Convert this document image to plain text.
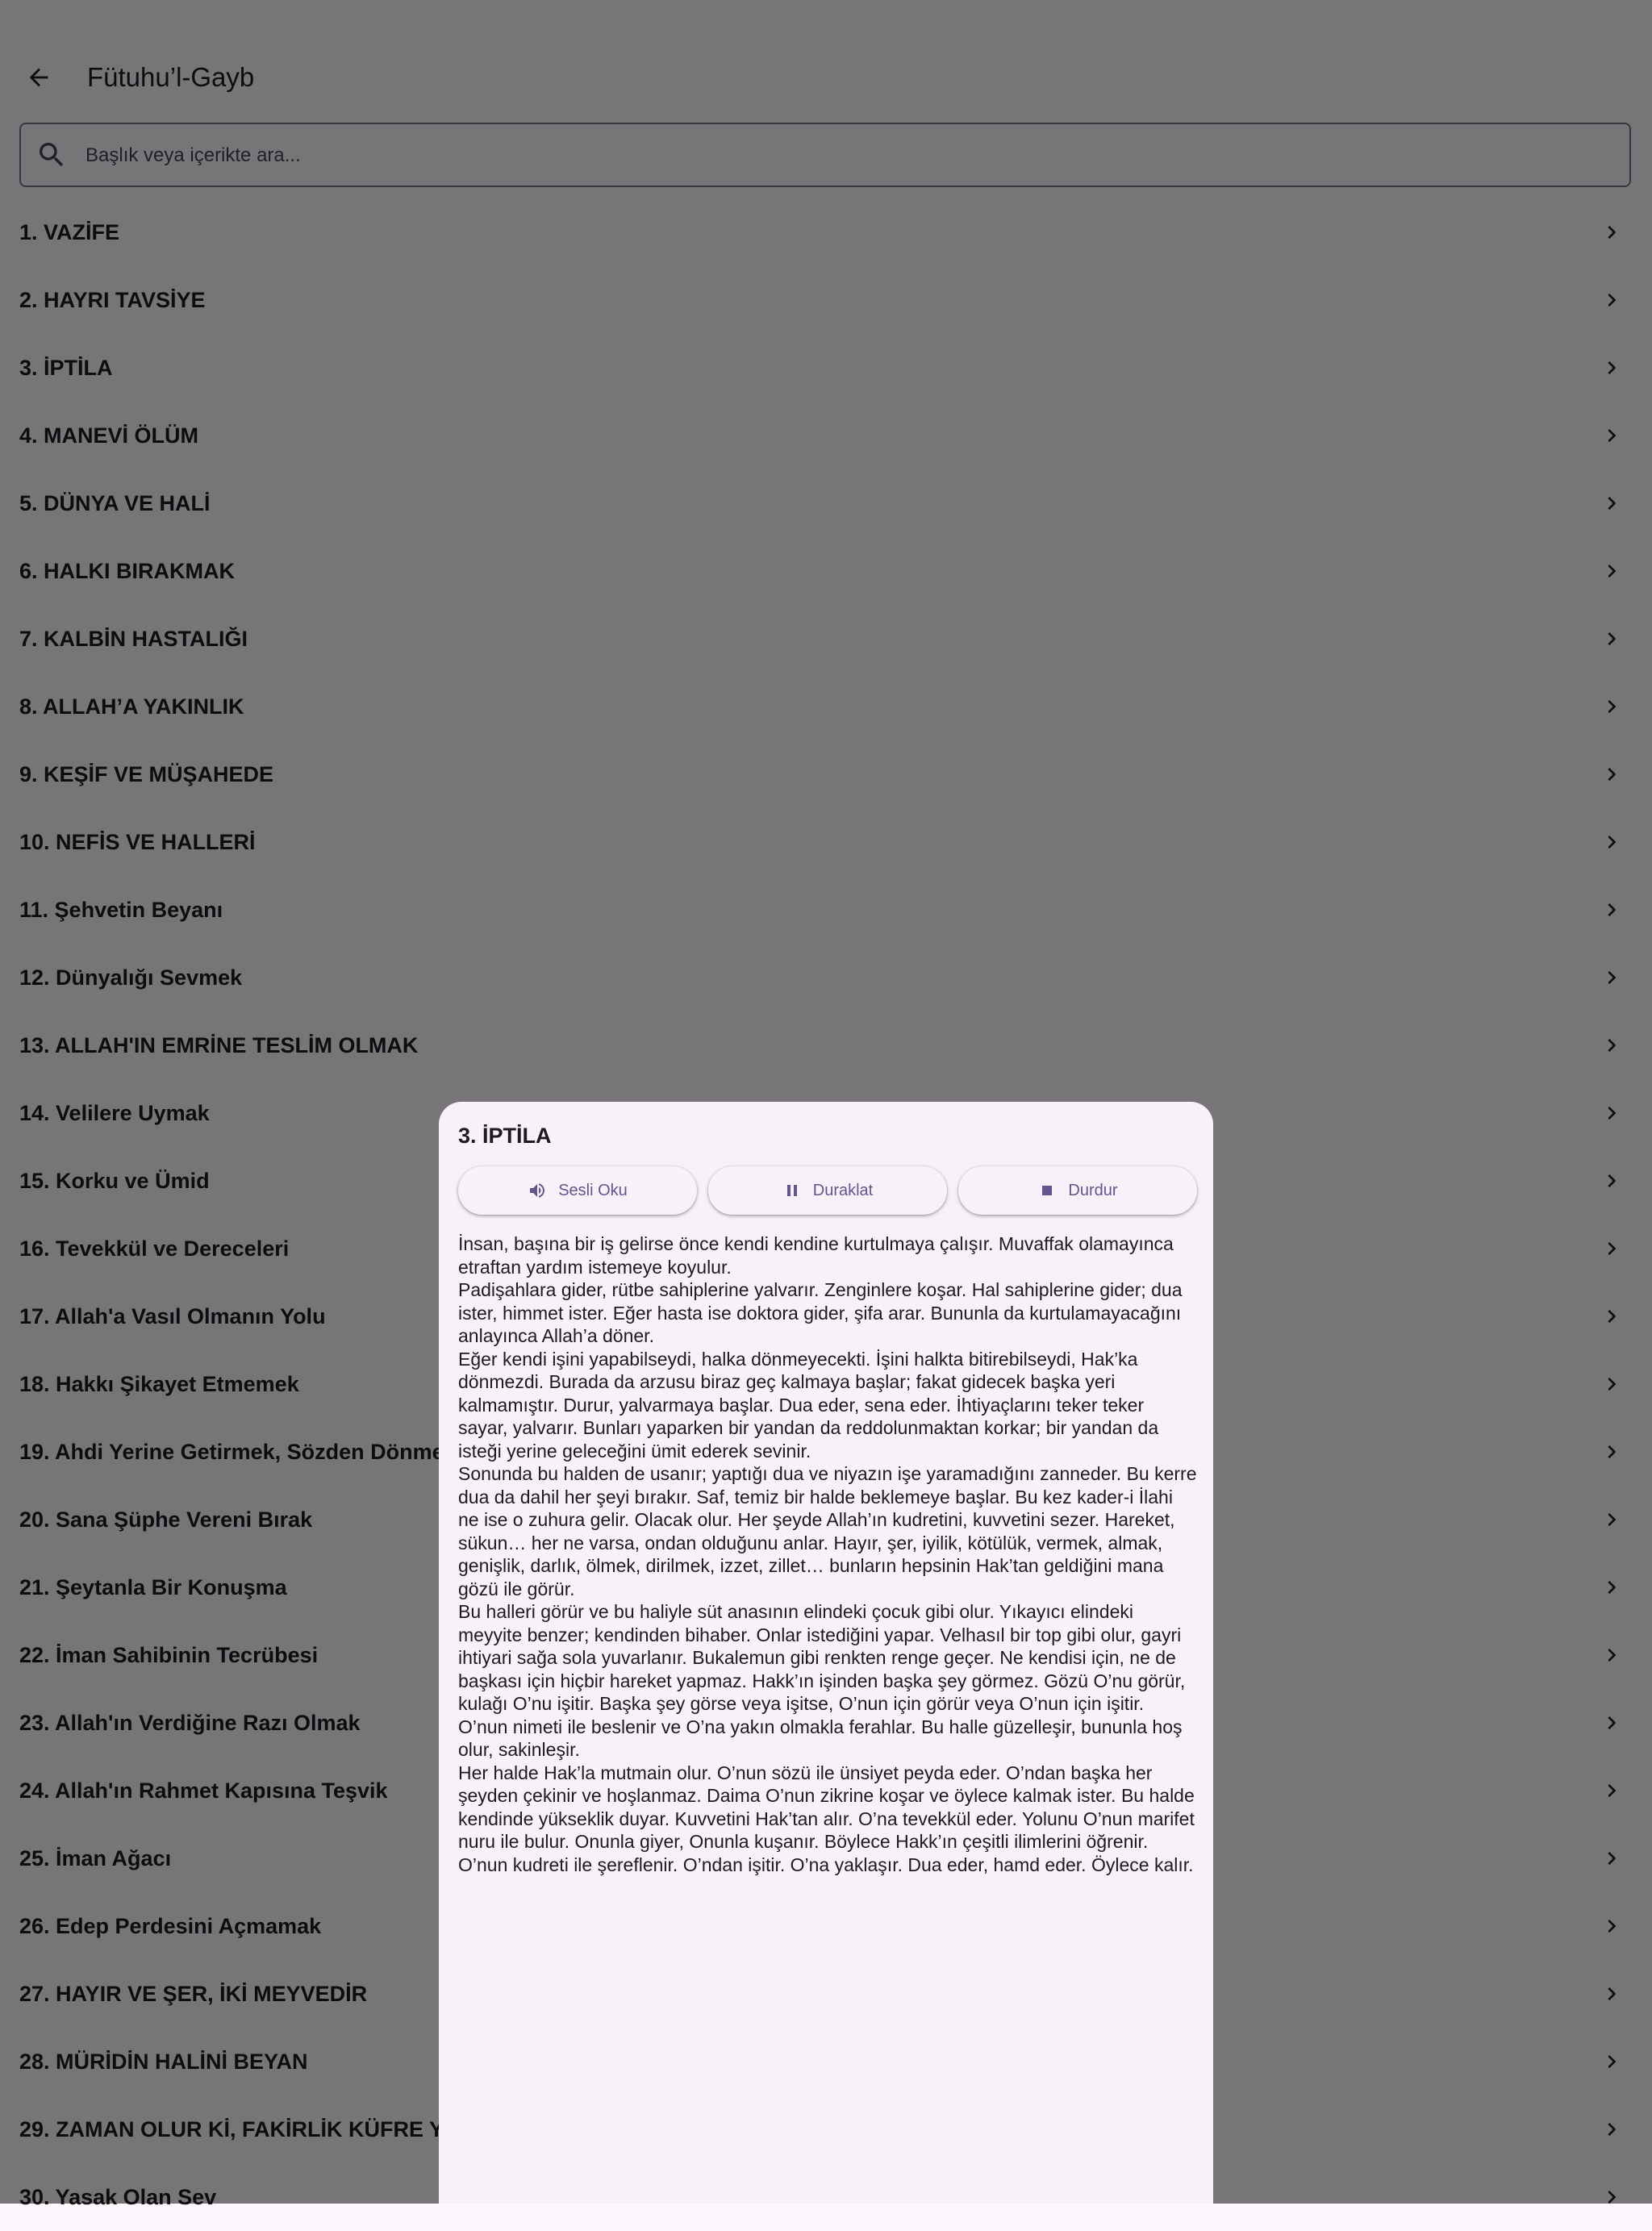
Başlık veya içerikte ara...
3. İPTİLA
Sesli Oku	Duraklat	Durdur

İnsan, başına bir iş gelirse önce kendi kendine kurtulmaya çalışır. Muvaffak olamayınca etraftan yardım istemeye koyulur.

Padişahlara gider, rütbe sahiplerine yalvarır. Zenginlere koşar. Hal sahiplerine gider; dua ister, himmet ister. Eğer hasta ise doktora gider, şifa arar. Bununla da kurtulamayacağını anlayınca Allah’a döner.

Eğer kendi işini yapabilseydi, halka dönmeyecekti. İşini halkta bitirebilseydi, Hak’ka dönmezdi. Burada da arzusu biraz geç kalmaya başlar; fakat gidecek başka yeri kalmamıştır. Durur, yalvarmaya başlar. Dua eder, sena eder. İhtiyaçlarını teker teker sayar, yalvarır. Bunları yaparken bir yandan da reddolunmaktan korkar; bir yandan da isteği yerine geleceğini ümit ederek sevinir.

Sonunda bu halden de usanır; yaptığı dua ve niyazın işe yaramadığını zanneder. Bu kerre dua da dahil her şeyi bırakır. Saf, temiz bir halde beklemeye başlar. Bu kez kader-i İlahi ne ise o zuhura gelir. Olacak olur. Her şeyde Allah’ın kudretini, kuvvetini sezer. Hareket, sükun… her ne varsa, ondan olduğunu anlar. Hayır, şer, iyilik, kötülük, vermek, almak, genişlik, darlık, ölmek, dirilmek, izzet, zillet… bunların hepsinin Hak’tan geldiğini mana gözü ile görür.

Bu halleri görür ve bu haliyle süt anasının elindeki çocuk gibi olur. Yıkayıcı elindeki meyyite benzer; kendinden bihaber. Onlar istediğini yapar. Velhasıl bir top gibi olur, gayri ihtiyari sağa sola yuvarlanır. Bukalemun gibi renkten renge geçer. Ne kendisi için, ne de başkası için hiçbir hareket yapmaz. Hakk’ın işinden başka şey görmez. Gözü O’nu görür, kulağı O’nu işitir. Başka şey görse veya işitse, O’nun için görür veya O’nun için işitir. O’nun nimeti ile beslenir ve O’na yakın olmakla ferahlar. Bu halle güzelleşir, bununla hoş olur, sakinleşir.

Her halde Hak’la mutmain olur. O’nun sözü ile ünsiyet peyda eder. O’ndan başka her şeyden çekinir ve hoşlanmaz. Daima O’nun zikrine koşar ve öylece kalmak ister. Bu halde kendinde yükseklik duyar. Kuvvetini Hak’tan alır. O’na tevekkül eder. Yolunu O’nun marifet nuru ile bulur. Onunla giyer, Onunla kuşanır. Böylece Hakk’ın çeşitli ilimlerini öğrenir. O’nun kudreti ile şereflenir. O’ndan işitir. O’na yaklaşır. Dua eder, hamd eder. Öylece kalır.
